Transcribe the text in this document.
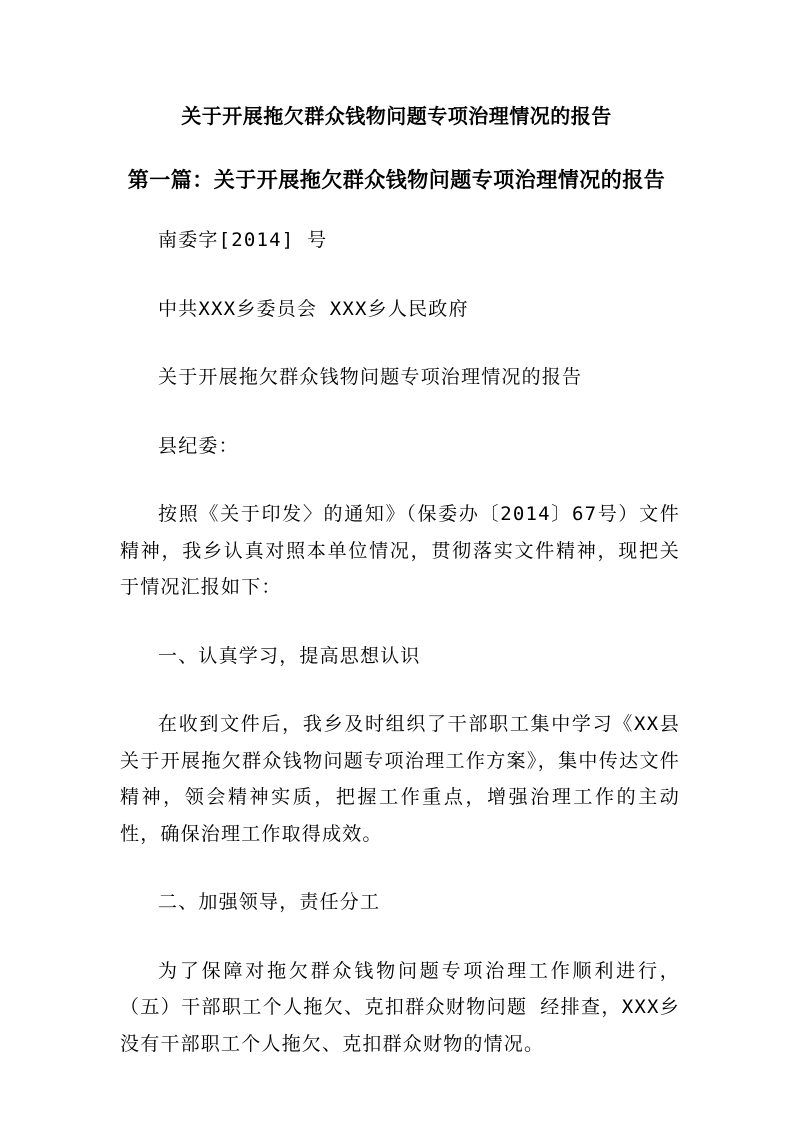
关于开展拖欠群众钱物问题专项治理情况的报告
第一篇：关于开展拖欠群众钱物问题专项治理情况的报告

南委字[2014] 号

中共XXX乡委员会 XXX乡人民政府

关于开展拖欠群众钱物问题专项治理情况的报告

县纪委：

按照《关于印发〉的通知》（保委办〔2014〕67号）文件精神，我乡认真对照本单位情况，贯彻落实文件精神，现把关于情况汇报如下：

一、认真学习，提高思想认识

在收到文件后，我乡及时组织了干部职工集中学习《XX县关于开展拖欠群众钱物问题专项治理工作方案》，集中传达文件精神，领会精神实质，把握工作重点，增强治理工作的主动性，确保治理工作取得成效。

二、加强领导，责任分工

为了保障对拖欠群众钱物问题专项治理工作顺利进行，（五）干部职工个人拖欠、克扣群众财物问题 经排查，XXX乡没有干部职工个人拖欠、克扣群众财物的情况。
